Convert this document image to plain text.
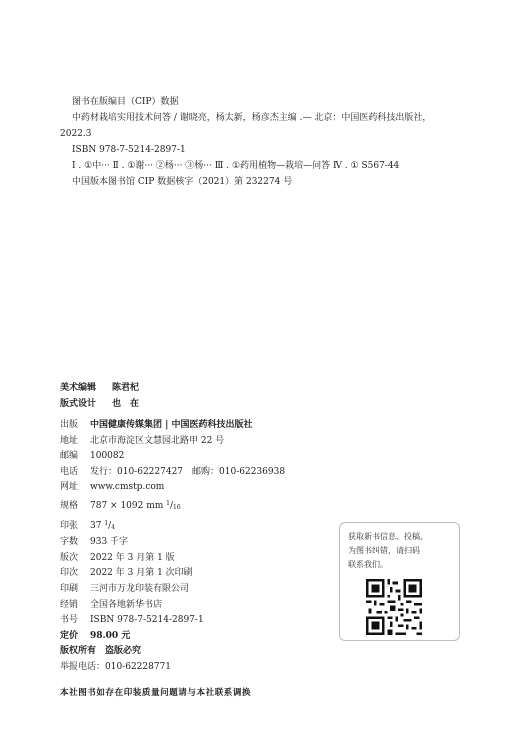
图书在版编目（CIP）数据
中药材栽培实用技术问答 / 谢晓亮，杨太新，杨彦杰主编 .— 北京：中国医药科技出版社，
2022.3
ISBN 978-7-5214-2897-1
Ⅰ . ①中··· Ⅱ . ①谢··· ②杨··· ③杨··· Ⅲ . ①药用植物—栽培—问答 Ⅳ . ① S567-44
中国版本图书馆 CIP 数据核字（2021）第 232274 号
美术编辑 陈君杞
版式设计 也　在
出版 中国健康传媒集团 | 中国医药科技出版社
地址 北京市海淀区文慧园北路甲 22 号
邮编 100082
电话 发行：010-62227427　邮购：010-62236938
网址 www.cmstp.com
规格 787 × 1092 mm $^1/_{16}$
印张 37 $^1/_4$
字数 933 千字
版次 2022 年 3 月第 1 版
印次 2022 年 3 月第 1 次印刷
印刷 三河市万龙印装有限公司
经销 全国各地新华书店
书号 ISBN 978-7-5214-2897-1
定价 98.00 元
版权所有　盗版必究
举报电话：010-62228771
本社图书如存在印装质量问题请与本社联系调换

获取新书信息、投稿、

为图书纠错，请扫码

联系我们。
